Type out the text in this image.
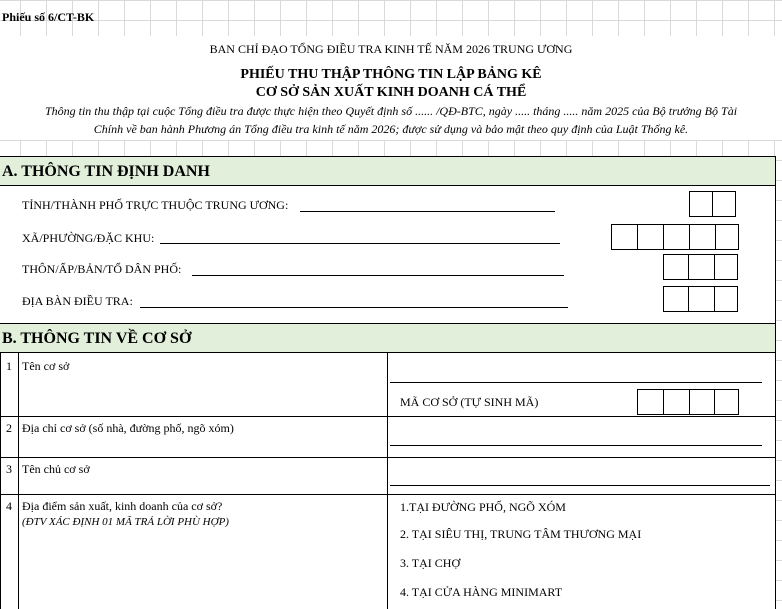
Phiếu số 6/CT-BK
BAN CHỈ ĐẠO TỔNG ĐIỀU TRA KINH TẾ NĂM 2026 TRUNG ƯƠNG
PHIẾU THU THẬP THÔNG TIN LẬP BẢNG KÊ
CƠ SỞ SẢN XUẤT KINH DOANH CÁ THỂ
Thông tin thu thập tại cuộc Tổng điều tra được thực hiện theo Quyết định số ...... /QĐ-BTC, ngày ..... tháng ..... năm 2025 của Bộ trưởng Bộ Tài
Chính về ban hành Phương án Tổng điều tra kinh tế năm 2026; được sử dụng và bảo mật theo quy định của Luật Thống kê.
A. THÔNG TIN ĐỊNH DANH
TỈNH/THÀNH PHỐ TRỰC THUỘC TRUNG ƯƠNG:
XÃ/PHƯỜNG/ĐẶC KHU:
THÔN/ẤP/BẢN/TỔ DÂN PHỐ:
ĐỊA BÀN ĐIỀU TRA:
B. THÔNG TIN VỀ CƠ SỞ
1 Tên cơ sở
MÃ CƠ SỞ (TỰ SINH MÃ)
2 Địa chỉ cơ sở (số nhà, đường phố, ngõ xóm)
3 Tên chủ cơ sở
4 Địa điểm sản xuất, kinh doanh của cơ sở?
(ĐTV XÁC ĐỊNH 01 MÃ TRẢ LỜI PHÙ HỢP)
1.TẠI ĐƯỜNG PHỐ, NGÕ XÓM
2. TẠI SIÊU THỊ, TRUNG TÂM THƯƠNG MẠI
3. TẠI CHỢ
4. TẠI CỬA HÀNG MINIMART
